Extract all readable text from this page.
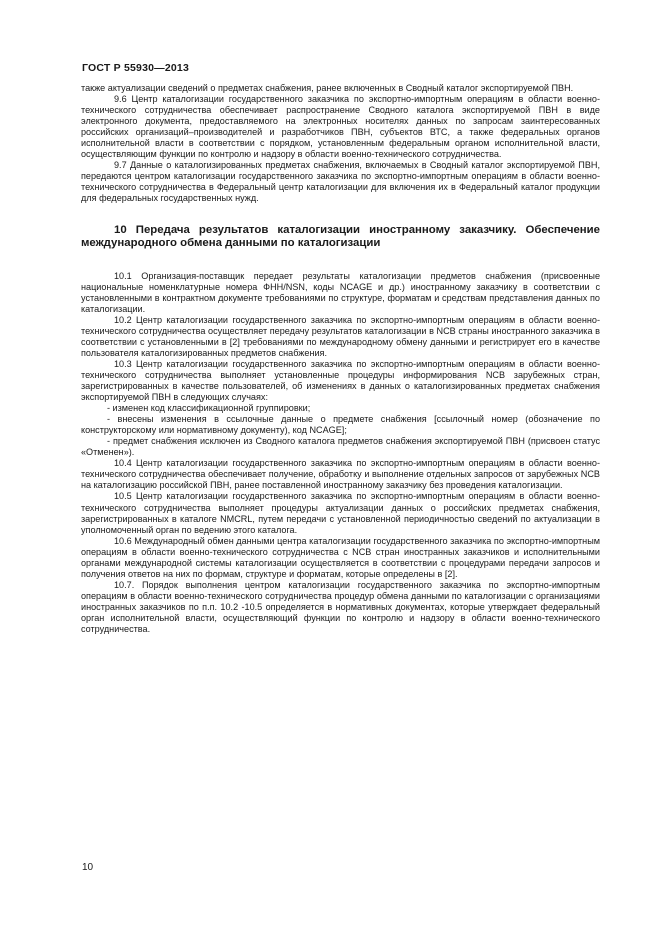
ГОСТ Р 55930—2013

также актуализации сведений о предметах снабжения, ранее включенных в Сводный каталог экспортируемой ПВН.

9.6 Центр каталогизации государственного заказчика по экспортно-импортным операциям в области военно-технического сотрудничества обеспечивает распространение Сводного каталога экспортируемой ПВН в виде электронного документа, предоставляемого на электронных носителях данных по запросам заинтересованных российских организаций–производителей и разработчиков ПВН, субъектов ВТС, а также федеральных органов исполнительной власти в соответствии с порядком, установленным федеральным органом исполнительной власти, осуществляющим функции по контролю и надзору в области военно-технического сотрудничества.

9.7 Данные о каталогизированных предметах снабжения, включаемых в Сводный каталог экспортируемой ПВН, передаются центром каталогизации государственного заказчика по экспортно-импортным операциям в области военно-технического сотрудничества в Федеральный центр каталогизации для включения их в Федеральный каталог продукции для федеральных государственных нужд.

10 Передача результатов каталогизации иностранному заказчику. Обеспечение международного обмена данными по каталогизации

10.1 Организация-поставщик передает результаты каталогизации предметов снабжения (присвоенные национальные номенклатурные номера ФНН/NSN, коды NCAGE и др.) иностранному заказчику в соответствии с установленными в контрактном документе требованиями по структуре, форматам и средствам представления данных по каталогизации.

10.2 Центр каталогизации государственного заказчика по экспортно-импортным операциям в области военно-технического сотрудничества осуществляет передачу результатов каталогизации в NCB страны иностранного заказчика в соответствии с установленными в [2] требованиями по международному обмену данными и регистрирует его в качестве пользователя каталогизированных предметов снабжения.

10.3 Центр каталогизации государственного заказчика по экспортно-импортным операциям в области военно-технического сотрудничества выполняет установленные процедуры информирования NCB зарубежных стран, зарегистрированных в качестве пользователей, об изменениях в данных о каталогизированных предметах снабжения экспортируемой ПВН в следующих случаях:

- изменен код классификационной группировки;

- внесены изменения в ссылочные данные о предмете снабжения [ссылочный номер (обозначение по конструкторскому или нормативному документу), код NCAGE];

- предмет снабжения исключен из Сводного каталога предметов снабжения экспортируемой ПВН (присвоен статус «Отменен»).

10.4 Центр каталогизации государственного заказчика по экспортно-импортным операциям в области военно-технического сотрудничества обеспечивает получение, обработку и выполнение отдельных запросов от зарубежных NCB на каталогизацию российской ПВН, ранее поставленной иностранному заказчику без проведения каталогизации.

10.5 Центр каталогизации государственного заказчика по экспортно-импортным операциям в области военно-технического сотрудничества выполняет процедуры актуализации данных о российских предметах снабжения, зарегистрированных в каталоге NMCRL, путем передачи с установленной периодичностью сведений по актуализации в уполномоченный орган по ведению этого каталога.

10.6 Международный обмен данными центра каталогизации государственного заказчика по экспортно-импортным операциям в области военно-технического сотрудничества с NCB стран иностранных заказчиков и исполнительными органами международной системы каталогизации осуществляется в соответствии с процедурами передачи запросов и получения ответов на них по формам, структуре и форматам, которые определены в [2].

10.7. Порядок выполнения центром каталогизации государственного заказчика по экспортно-импортным операциям в области военно-технического сотрудничества процедур обмена данными по каталогизации с организациями иностранных заказчиков по п.п. 10.2 -10.5 определяется в нормативных документах, которые утверждает федеральный орган исполнительной власти, осуществляющий функции по контролю и надзору в области военно-технического сотрудничества.

10
